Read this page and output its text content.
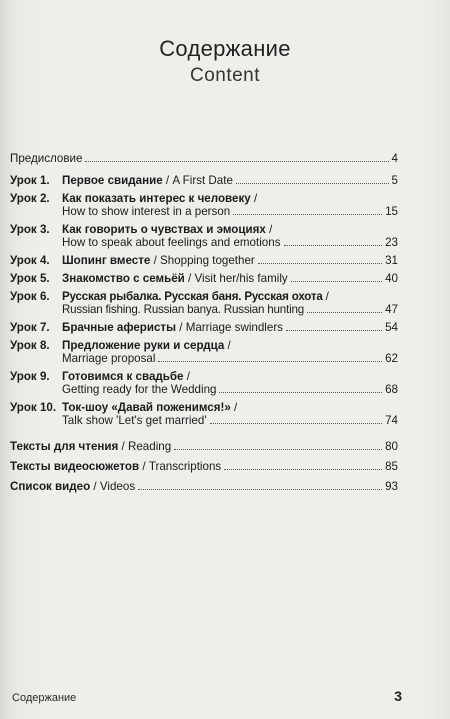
Содержание
Content
Предисловие	4
Урок 1.	Первое свидание / A First Date	5
Урок 2.	Как показать интерес к человеку /
How to show interest in a person	15
Урок 3.	Как говорить о чувствах и эмоциях /
How to speak about feelings and emotions	23
Урок 4.	Шопинг вместе / Shopping together	31
Урок 5.	Знакомство с семьёй / Visit her/his family	40
Урок 6.	Русская рыбалка. Русская баня. Русская охота /
Russian fishing. Russian banya. Russian hunting	47
Урок 7.	Брачные аферисты / Marriage swindlers	54
Урок 8.	Предложение руки и сердца /
Marriage proposal	62
Урок 9.	Готовимся к свадьбе /
Getting ready for the Wedding	68
Урок 10. Ток-шоу «Давай поженимся!» /
Talk show 'Let's get married'	74
Тексты для чтения / Reading	80
Тексты видеосюжетов / Transcriptions	85
Список видео / Videos	93
Содержание	3
